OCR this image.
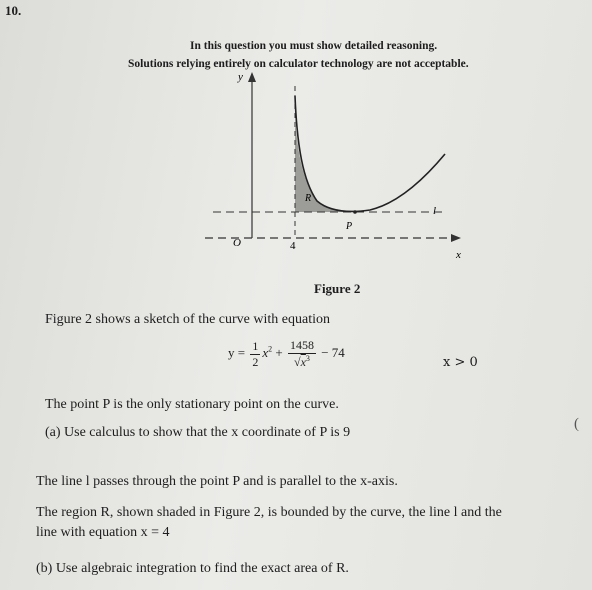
10.
In this question you must show detailed reasoning.
Solutions relying entirely on calculator technology are not acceptable.
y
x
O	4
R
P
l
Figure 2
Figure 2 shows a sketch of the curve with equation
$y = \frac{1}{2} x^2 + \frac{1458}{√x^3} - 74$
x > 0
The point P is the only stationary point on the curve.
(a) Use calculus to show that the x coordinate of P is 9
(
The line l passes through the point P and is parallel to the x-axis.
The region R, shown shaded in Figure 2, is bounded by the curve, the line l and the
line with equation x = 4
(b) Use algebraic integration to find the exact area of R.
